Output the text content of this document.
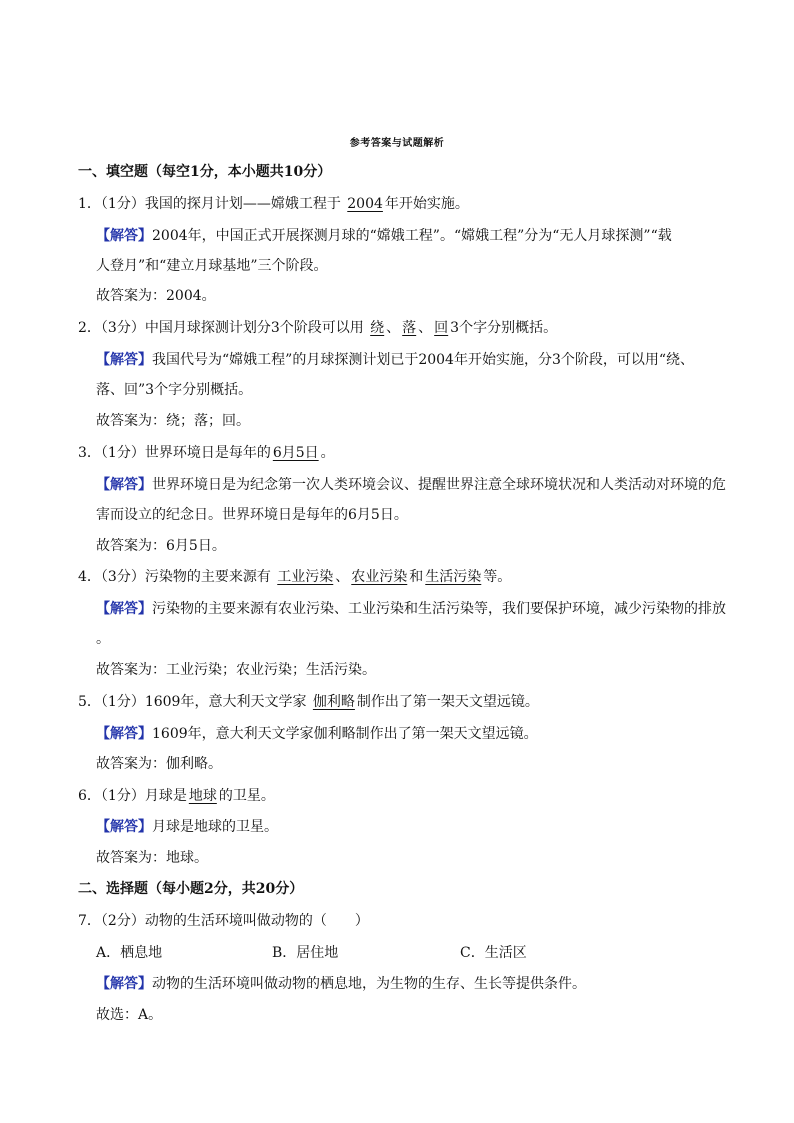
参考答案与试题解析
一、填空题（每空1分，本小题共10分）
1．（1分）我国的探月计划——嫦娥工程于 2004年开始实施。
【解答】2004年，中国正式开展探测月球的“嫦娥工程”。“嫦娥工程”分为“无人月球探测”“载
人登月”和“建立月球基地”三个阶段。
故答案为：2004。
2．（3分）中国月球探测计划分3个阶段可以用 绕、落、回3个字分别概括。
【解答】我国代号为“嫦娥工程”的月球探测计划已于2004年开始实施，分3个阶段，可以用“绕、
落、回”3个字分别概括。
故答案为：绕；落；回。
3．（1分）世界环境日是每年的6月5日。
【解答】世界环境日是为纪念第一次人类环境会议、提醒世界注意全球环境状况和人类活动对环境的危
害而设立的纪念日。世界环境日是每年的6月5日。
故答案为：6月5日。
4．（3分）污染物的主要来源有 工业污染、农业污染和生活污染等。
【解答】污染物的主要来源有农业污染、工业污染和生活污染等，我们要保护环境，减少污染物的排放
。
故答案为：工业污染；农业污染；生活污染。
5．（1分）1609年，意大利天文学家 伽利略制作出了第一架天文望远镜。
【解答】1609年，意大利天文学家伽利略制作出了第一架天文望远镜。
故答案为：伽利略。
6．（1分）月球是地球的卫星。
【解答】月球是地球的卫星。
故答案为：地球。
二、选择题（每小题2分，共20分）
7．（2分）动物的生活环境叫做动物的（　　）
A．栖息地	B．居住地	C．生活区
【解答】动物的生活环境叫做动物的栖息地，为生物的生存、生长等提供条件。
故选：A。
